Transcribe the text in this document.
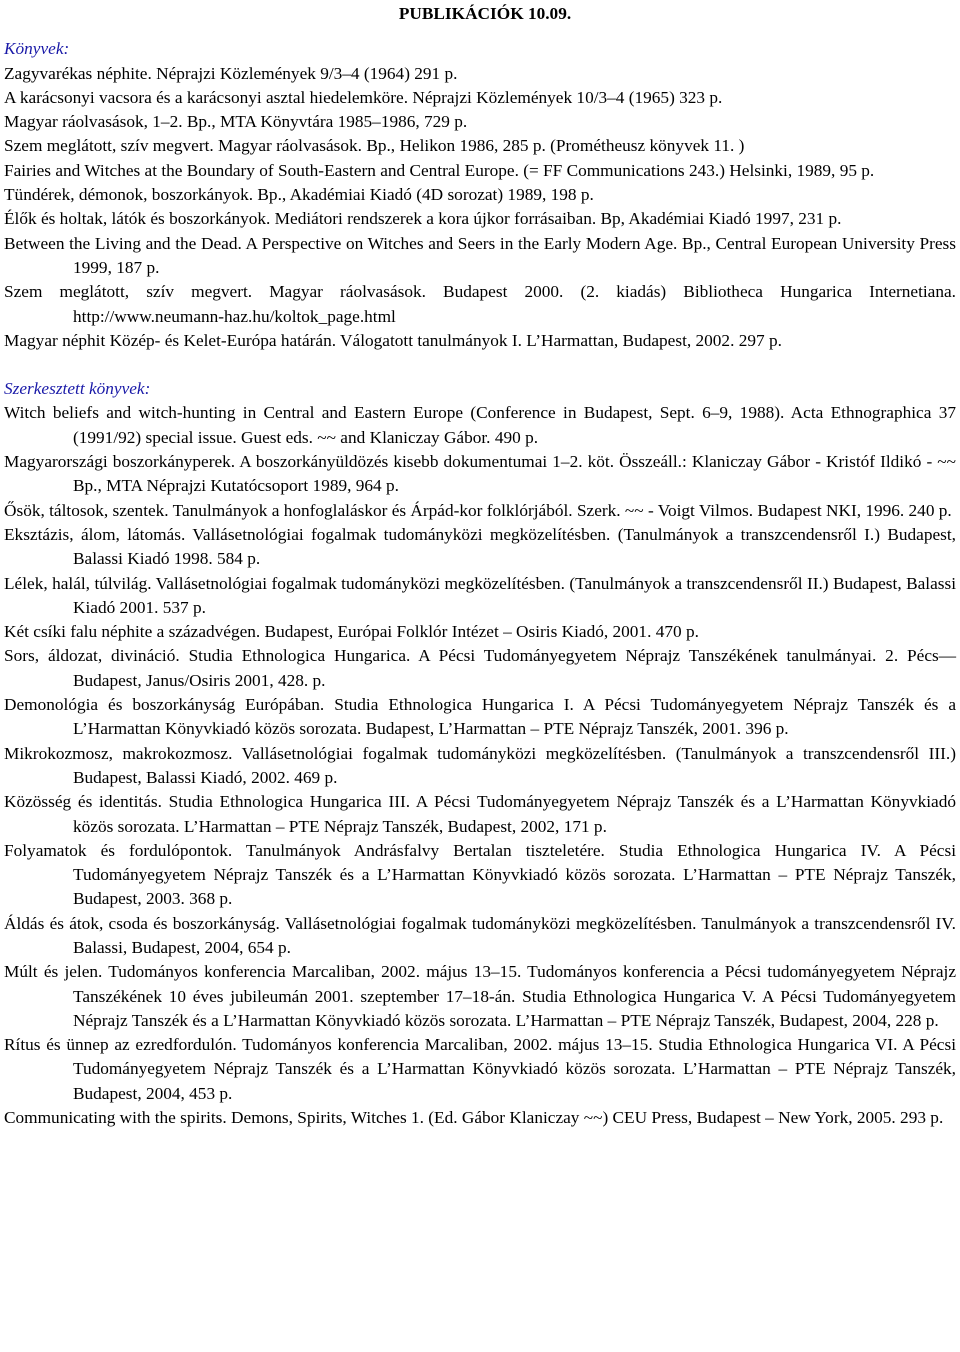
PUBLIKÁCIÓK 10.09.

Könyvek:

Zagyvarékas néphite. Néprajzi Közlemények 9/3–4 (1964) 291 p.

A karácsonyi vacsora és a karácsonyi asztal hiedelemköre. Néprajzi Közlemények 10/3–4 (1965) 323 p.

Magyar ráolvasások, 1–2. Bp., MTA Könyvtára 1985–1986, 729 p.

Szem meglátott, szív megvert. Magyar ráolvasások. Bp., Helikon 1986, 285 p. (Prométheusz könyvek 11. )

Fairies and Witches at the Boundary of South-Eastern and Central Europe. (= FF Communications 243.) Helsinki, 1989, 95 p.

Tündérek, démonok, boszorkányok. Bp., Akadémiai Kiadó (4D sorozat) 1989, 198 p.

Élők és holtak, látók és boszorkányok. Mediátori rendszerek a kora újkor forrásaiban. Bp, Akadémiai Kiadó 1997, 231 p.

Between the Living and the Dead. A Perspective on Witches and Seers in the Early Modern Age. Bp., Central European University Press 1999, 187 p.

Szem meglátott, szív megvert. Magyar ráolvasások. Budapest 2000. (2. kiadás) Bibliotheca Hungarica Internetiana. http://www.neumann-haz.hu/koltok_page.html

Magyar néphit Közép- és Kelet-Európa határán. Válogatott tanulmányok I. L’Harmattan, Budapest, 2002. 297 p.

Szerkesztett könyvek:

Witch beliefs and witch-hunting in Central and Eastern Europe (Conference in Budapest, Sept. 6–9, 1988). Acta Ethnographica 37 (1991/92) special issue. Guest eds. ~~ and Klaniczay Gábor. 490 p.

Magyarországi boszorkányperek. A boszorkányüldözés kisebb dokumentumai 1–2. köt. Összeáll.: Klaniczay Gábor - Kristóf Ildikó - ~~ Bp., MTA Néprajzi Kutatócsoport 1989, 964 p.

Ősök, táltosok, szentek. Tanulmányok a honfoglaláskor és Árpád-kor folklórjából. Szerk. ~~ - Voigt Vilmos. Budapest NKI, 1996. 240 p.

Eksztázis, álom, látomás. Vallásetnológiai fogalmak tudományközi megközelítésben. (Tanulmányok a transzcendensről I.) Budapest, Balassi Kiadó 1998. 584 p.

Lélek, halál, túlvilág. Vallásetnológiai fogalmak tudományközi megközelítésben. (Tanulmányok a transzcendensről II.) Budapest, Balassi Kiadó 2001. 537 p.

Két csíki falu néphite a századvégen. Budapest, Európai Folklór Intézet – Osiris Kiadó, 2001. 470 p.

Sors, áldozat, divináció. Studia Ethnologica Hungarica. A Pécsi Tudományegyetem Néprajz Tanszékének tanulmányai. 2. Pécs—Budapest, Janus/Osiris 2001, 428. p.

Demonológia és boszorkányság Európában. Studia Ethnologica Hungarica I. A Pécsi Tudományegyetem Néprajz Tanszék és a L’Harmattan Könyvkiadó közös sorozata. Budapest, L’Harmattan – PTE Néprajz Tanszék, 2001. 396 p.

Mikrokozmosz, makrokozmosz. Vallásetnológiai fogalmak tudományközi megközelítésben. (Tanulmányok a transzcendensről III.) Budapest, Balassi Kiadó, 2002. 469 p.

Közösség és identitás. Studia Ethnologica Hungarica III. A Pécsi Tudományegyetem Néprajz Tanszék és a L’Harmattan Könyvkiadó közös sorozata. L’Harmattan – PTE Néprajz Tanszék, Budapest, 2002, 171 p.

Folyamatok és fordulópontok. Tanulmányok Andrásfalvy Bertalan tiszteletére. Studia Ethnologica Hungarica IV. A Pécsi Tudományegyetem Néprajz Tanszék és a L’Harmattan Könyvkiadó közös sorozata. L’Harmattan – PTE Néprajz Tanszék, Budapest, 2003. 368 p.

Áldás és átok, csoda és boszorkányság. Vallásetnológiai fogalmak tudományközi megközelítésben. Tanulmányok a transzcendensről IV. Balassi, Budapest, 2004, 654 p.

Múlt és jelen. Tudományos konferencia Marcaliban, 2002. május 13–15. Tudományos konferencia a Pécsi tudományegyetem Néprajz Tanszékének 10 éves jubileumán 2001. szeptember 17–18-án. Studia Ethnologica Hungarica V. A Pécsi Tudományegyetem Néprajz Tanszék és a L’Harmattan Könyvkiadó közös sorozata. L’Harmattan – PTE Néprajz Tanszék, Budapest, 2004, 228 p.

Rítus és ünnep az ezredfordulón. Tudományos konferencia Marcaliban, 2002. május 13–15. Studia Ethnologica Hungarica VI. A Pécsi Tudományegyetem Néprajz Tanszék és a L’Harmattan Könyvkiadó közös sorozata. L’Harmattan – PTE Néprajz Tanszék, Budapest, 2004, 453 p.

Communicating with the spirits. Demons, Spirits, Witches 1. (Ed. Gábor Klaniczay ~~) CEU Press, Budapest – New York, 2005. 293 p.
